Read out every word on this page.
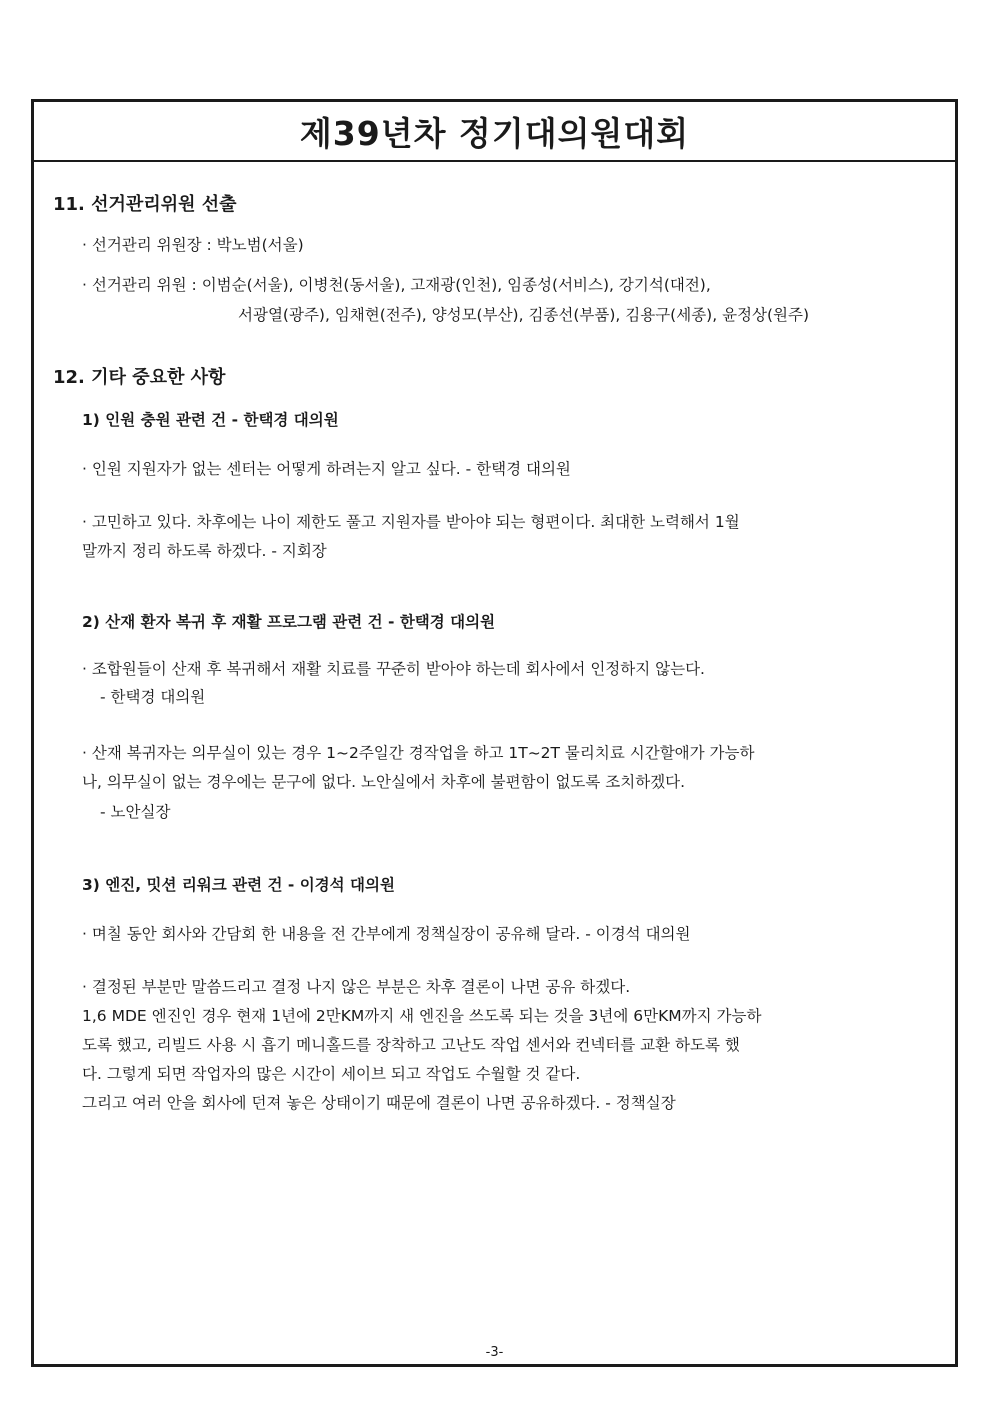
제39년차 정기대의원대회
11. 선거관리위원 선출
· 선거관리 위원장 : 박노범(서울)
· 선거관리 위원 : 이범순(서울), 이병천(동서울), 고재광(인천), 임종성(서비스), 강기석(대전),
서광열(광주), 임채현(전주), 양성모(부산), 김종선(부품), 김용구(세종), 윤정상(원주)
12. 기타 중요한 사항
1) 인원 충원 관련 건 - 한택경 대의원
· 인원 지원자가 없는 센터는 어떻게 하려는지 알고 싶다. - 한택경 대의원
· 고민하고 있다. 차후에는 나이 제한도 풀고 지원자를 받아야 되는 형편이다. 최대한 노력해서 1월
말까지 정리 하도록 하겠다. - 지회장
2) 산재 환자 복귀 후 재활 프로그램 관련 건 - 한택경 대의원
· 조합원들이 산재 후 복귀해서 재활 치료를 꾸준히 받아야 하는데 회사에서 인정하지 않는다.
- 한택경 대의원
· 산재 복귀자는 의무실이 있는 경우 1~2주일간 경작업을 하고 1T~2T 물리치료 시간할애가 가능하
나, 의무실이 없는 경우에는 문구에 없다. 노안실에서 차후에 불편함이 없도록 조치하겠다.
- 노안실장
3) 엔진, 밋션 리워크 관련 건 - 이경석 대의원
· 며칠 동안 회사와 간담회 한 내용을 전 간부에게 정책실장이 공유해 달라. - 이경석 대의원
· 결정된 부분만 말씀드리고 결정 나지 않은 부분은 차후 결론이 나면 공유 하겠다.
1,6 MDE 엔진인 경우 현재 1년에 2만KM까지 새 엔진을 쓰도록 되는 것을 3년에 6만KM까지 가능하
도록 했고, 리빌드 사용 시 흡기 메니홀드를 장착하고 고난도 작업 센서와 컨넥터를 교환 하도록 했
다. 그렇게 되면 작업자의 많은 시간이 세이브 되고 작업도 수월할 것 같다.
그리고 여러 안을 회사에 던져 놓은 상태이기 때문에 결론이 나면 공유하겠다. - 정책실장
-3-
